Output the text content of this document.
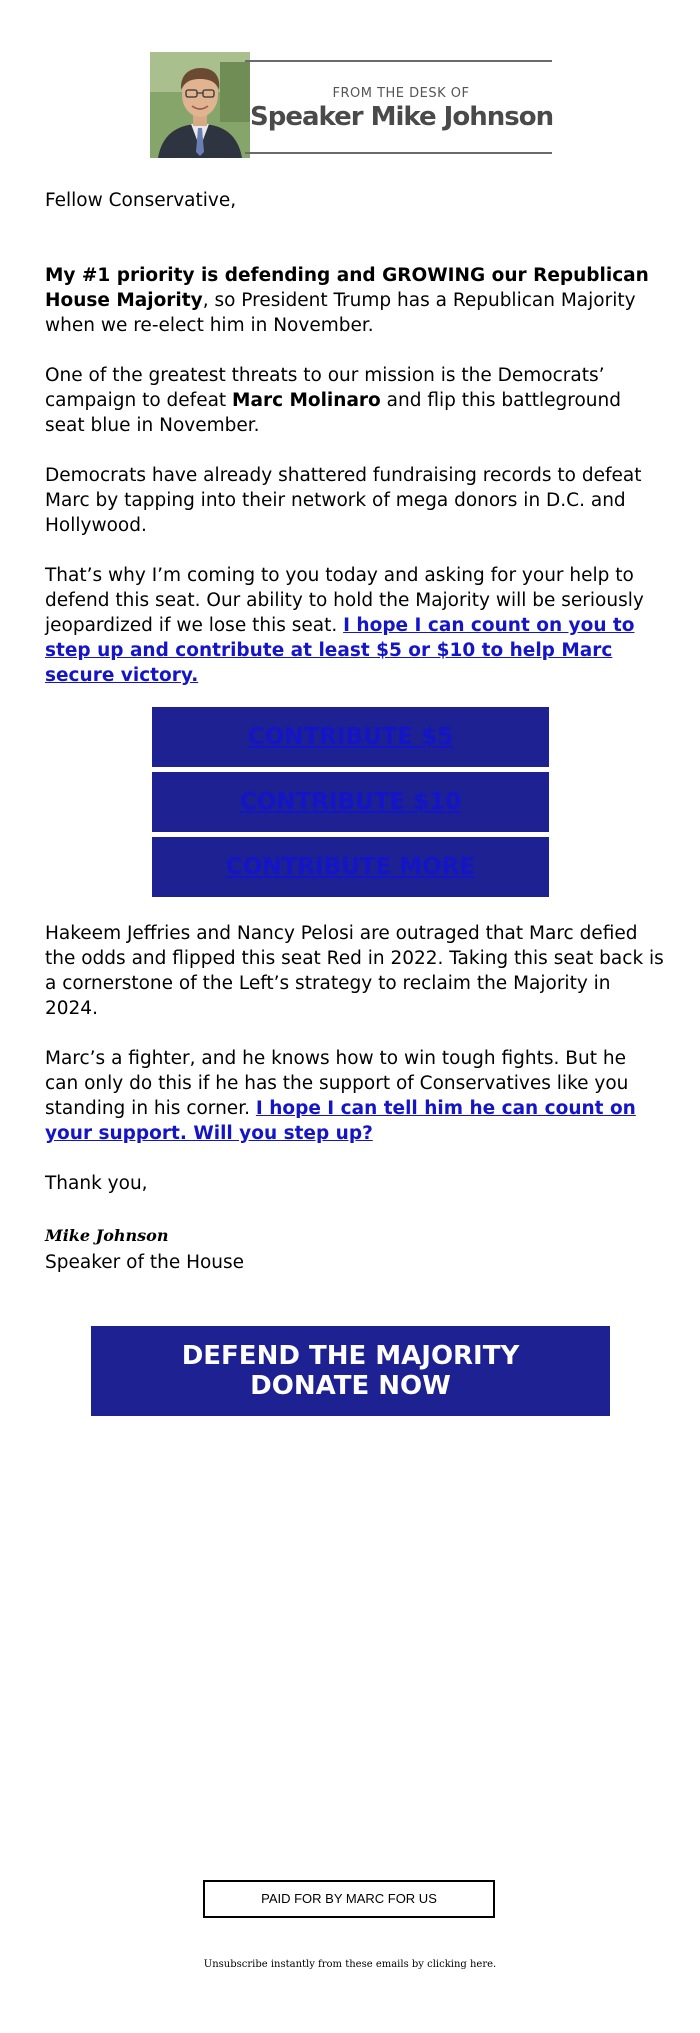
FROM THE DESK OF
Speaker Mike Johnson

Fellow Conservative,

My #1 priority is defending and GROWING our Republican House Majority, so President Trump has a Republican Majority when we re-elect him in November.

One of the greatest threats to our mission is the Democrats’ campaign to defeat Marc Molinaro and flip this battleground seat blue in November.

Democrats have already shattered fundraising records to defeat Marc by tapping into their network of mega donors in D.C. and Hollywood.

That’s why I’m coming to you today and asking for your help to defend this seat. Our ability to hold the Majority will be seriously jeopardized if we lose this seat. I hope I can count on you to step up and contribute at least $5 or $10 to help Marc secure victory.

CONTRIBUTE $5
CONTRIBUTE $10
CONTRIBUTE MORE

Hakeem Jeffries and Nancy Pelosi are outraged that Marc defied the odds and flipped this seat Red in 2022. Taking this seat back is a cornerstone of the Left’s strategy to reclaim the Majority in 2024.

Marc’s a fighter, and he knows how to win tough fights. But he can only do this if he has the support of Conservatives like you standing in his corner. I hope I can tell him he can count on your support. Will you step up?

Thank you,

Mike Johnson

Speaker of the House

DEFEND THE MAJORITY
DONATE NOW
PAID FOR BY MARC FOR US
Unsubscribe instantly from these emails by clicking here.
